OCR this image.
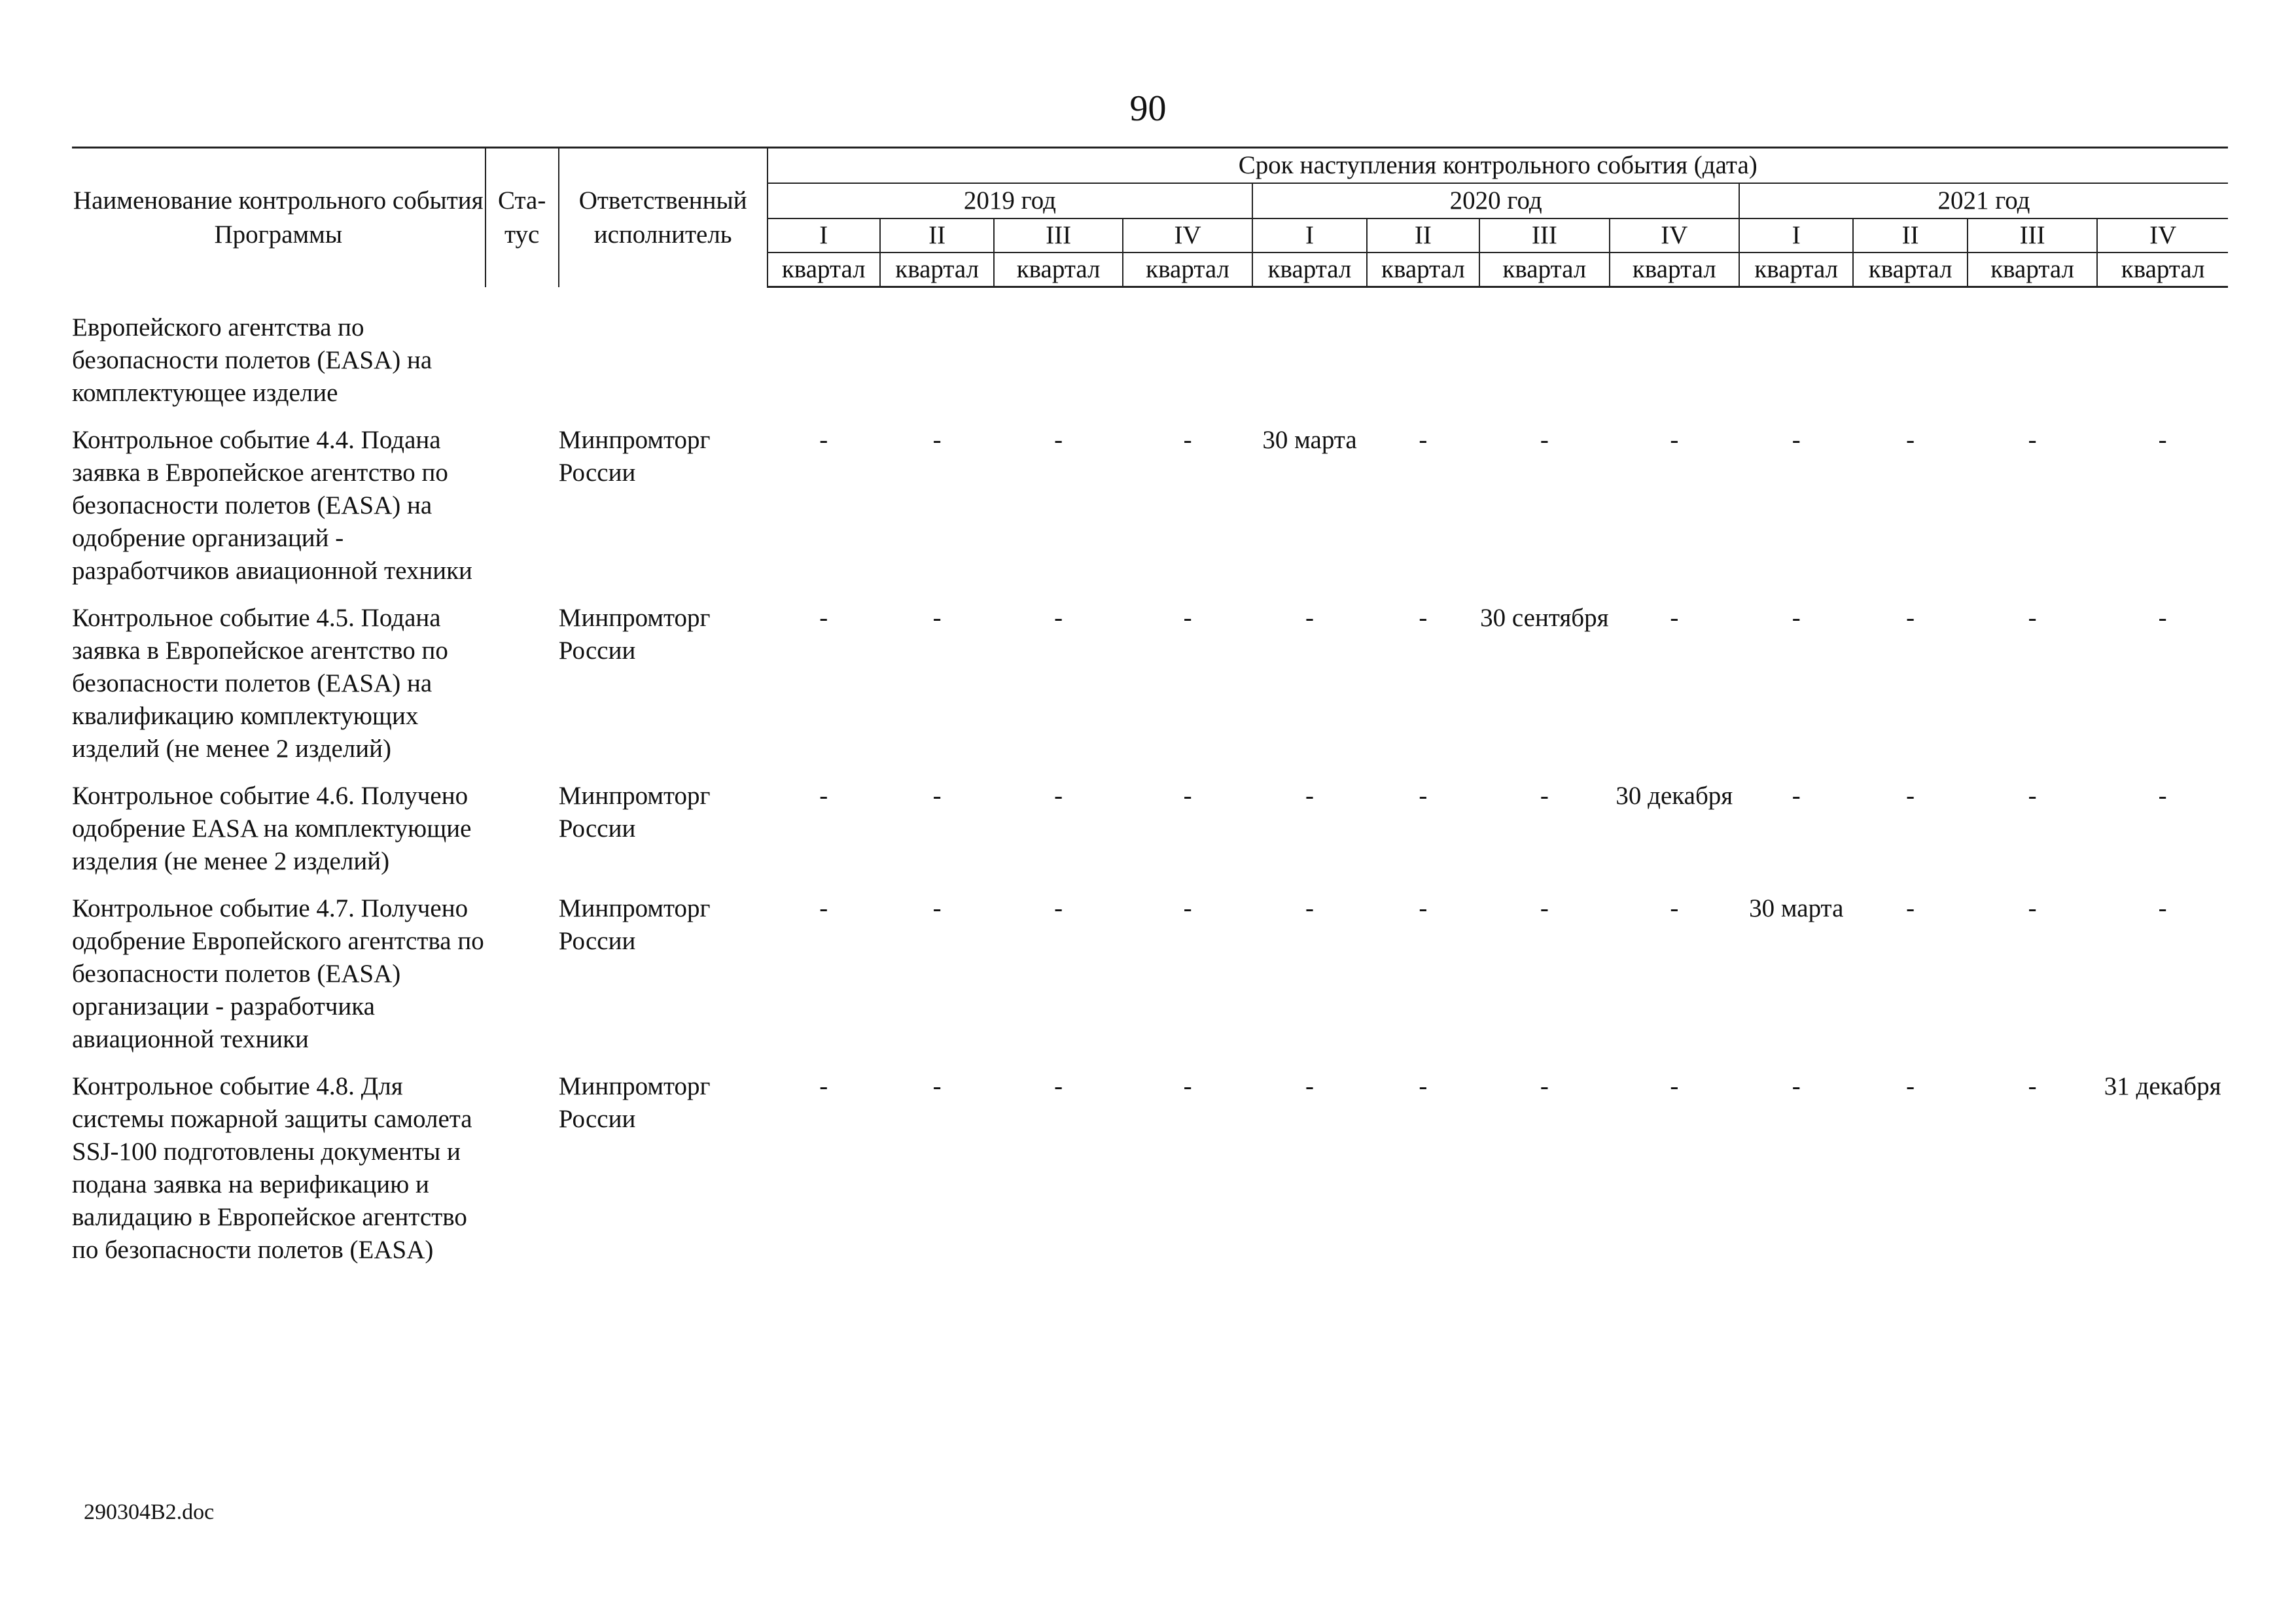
90
Наименование контрольного события Программы	Ста- тус	Ответственный исполнитель	Срок наступления контрольного события (дата)											
			2019 год				2020 год				2021 год			
			I	II	III	IV	I	II	III	IV	I	II	III	IV
			квартал	квартал	квартал	квартал	квартал	квартал	квартал	квартал	квартал	квартал	квартал	квартал

Европейского агентства по безопасности полетов (EASA) на комплектующее изделие														
Контрольное событие 4.4. Подана заявка в Европейское агентство по безопасности полетов (EASA) на одобрение организаций - разработчиков авиационной техники		Минпромторг России	-	-	-	-	30 марта	-	-	-	-	-	-	-
Контрольное событие 4.5. Подана заявка в Европейское агентство по безопасности полетов (EASA) на квалификацию комплектующих изделий (не менее 2 изделий)		Минпромторг России	-	-	-	-	-	-	30 сентября	-	-	-	-	-
Контрольное событие 4.6. Получено одобрение EASA на комплектующие изделия (не менее 2 изделий)		Минпромторг России	-	-	-	-	-	-	-	30 декабря	-	-	-	-
Контрольное событие 4.7. Получено одобрение Европейского агентства по безопасности полетов (EASA) организации - разработчика авиационной техники		Минпромторг России	-	-	-	-	-	-	-	-	30 марта	-	-	-
Контрольное событие 4.8. Для системы пожарной защиты самолета SSJ-100 подготовлены документы и подана заявка на верификацию и валидацию в Европейское агентство по безопасности полетов (EASA)		Минпромторг России	-	-	-	-	-	-	-	-	-	-	-	31 декабря
290304B2.doc
